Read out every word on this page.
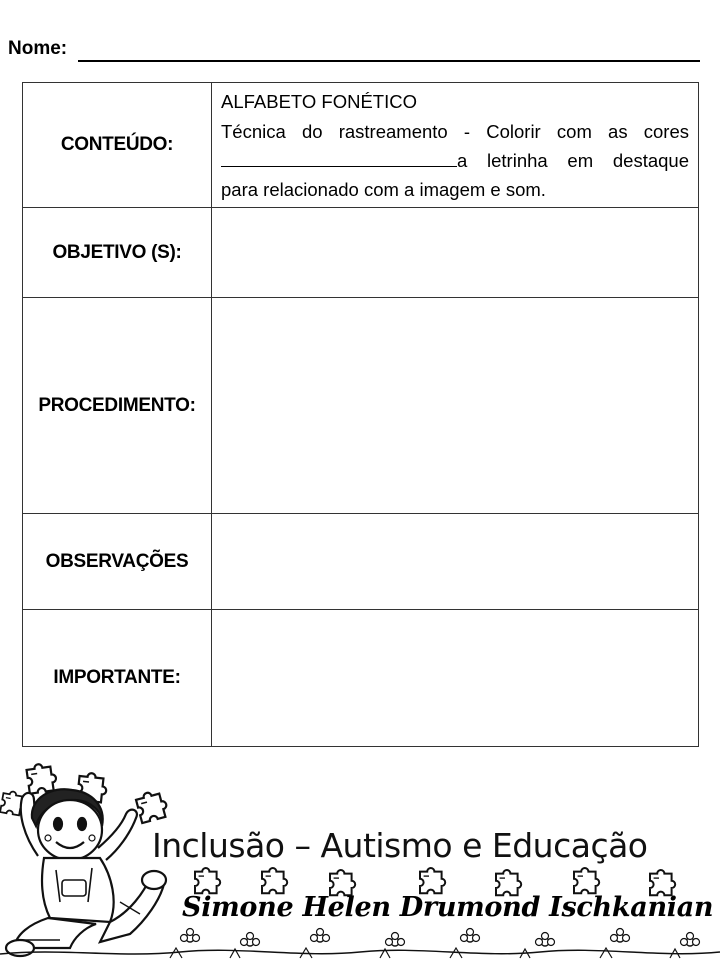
Nome:
CONTEÚDO:	ALFABETO FONÉTICO
Técnica do rastreamento - Colorir com as cores
a letrinha em destaque
para relacionado com a imagem e som.

OBJETIVO (S):	
PROCEDIMENTO:	
OBSERVAÇÕES	
IMPORTANTE:	
Inclusão – Autismo e Educação
Simone Helen Drumond Ischkanian
